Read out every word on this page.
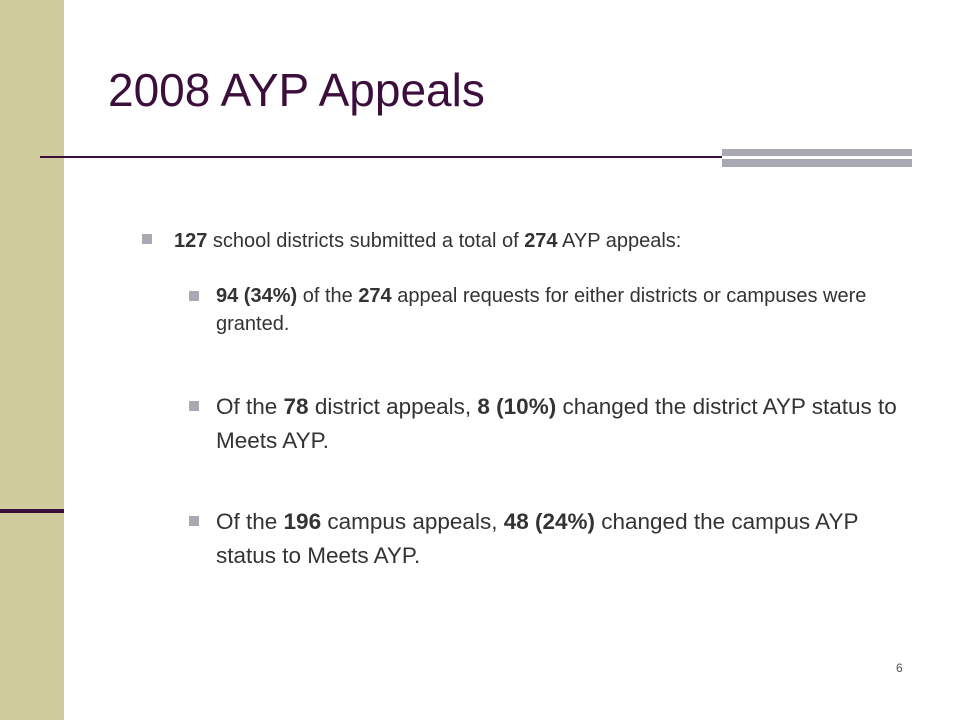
2008 AYP Appeals
127 school districts submitted a total of 274 AYP appeals:
94 (34%) of the 274 appeal requests for either districts or campuses were granted.
Of the 78 district appeals, 8 (10%) changed the district AYP status to Meets AYP.
Of the 196 campus appeals, 48 (24%) changed the campus AYP status to Meets AYP.
6
